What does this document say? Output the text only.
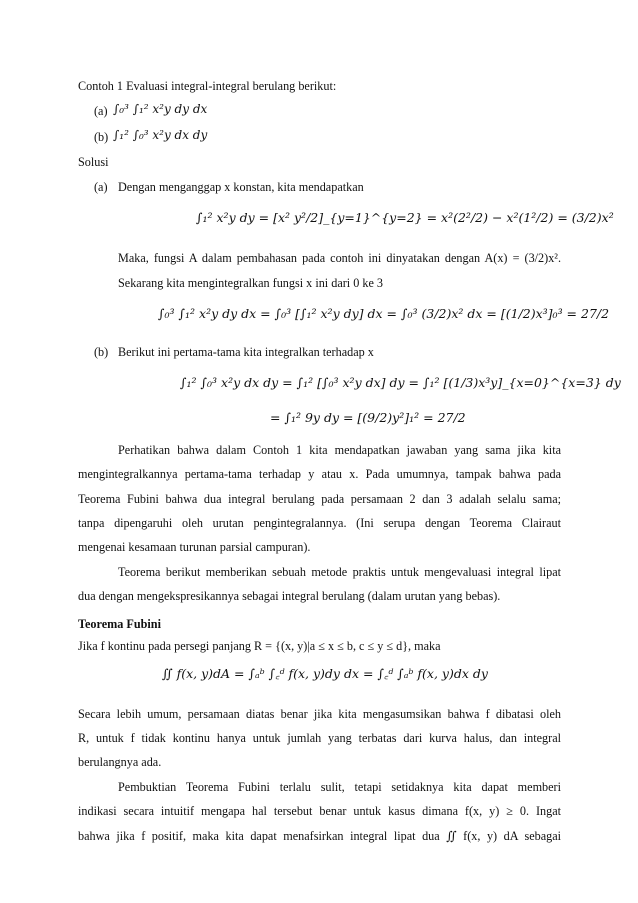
Contoh 1 Evaluasi integral-integral berulang berikut:
(a) ∫₀³ ∫₁² x²y dy dx
(b) ∫₁² ∫₀³ x²y dx dy
Solusi
(a) Dengan menganggap x konstan, kita mendapatkan
∫₁² x²y dy = [x² y²/2]_{y=1}^{y=2} = x²(2²/2) − x²(1²/2) = (3/2)x²
Maka, fungsi A dalam pembahasan pada contoh ini dinyatakan dengan A(x) = (3/2)x².
Sekarang kita mengintegralkan fungsi x ini dari 0 ke 3
∫₀³ ∫₁² x²y dy dx = ∫₀³ [∫₁² x²y dy] dx = ∫₀³ (3/2)x² dx = [(1/2)x³]₀³ = 27/2
(b) Berikut ini pertama-tama kita integralkan terhadap x
∫₁² ∫₀³ x²y dx dy = ∫₁² [∫₀³ x²y dx] dy = ∫₁² [(1/3)x³y]_{x=0}^{x=3} dy
= ∫₁² 9y dy = [(9/2)y²]₁² = 27/2
Perhatikan bahwa dalam Contoh 1 kita mendapatkan jawaban yang sama jika kita
mengintegralkannya pertama-tama terhadap y atau x. Pada umumnya, tampak bahwa pada
Teorema Fubini bahwa dua integral berulang pada persamaan 2 dan 3 adalah selalu sama;
tanpa dipengaruhi oleh urutan pengintegralannya. (Ini serupa dengan Teorema Clairaut
mengenai kesamaan turunan parsial campuran).
Teorema berikut memberikan sebuah metode praktis untuk mengevaluasi integral lipat
dua dengan mengekspresikannya sebagai integral berulang (dalam urutan yang bebas).
Teorema Fubini
Jika f kontinu pada persegi panjang R = {(x, y)|a ≤ x ≤ b, c ≤ y ≤ d}, maka
∬ f(x, y)dA = ∫ₐᵇ ∫꜀ᵈ f(x, y)dy dx = ∫꜀ᵈ ∫ₐᵇ f(x, y)dx dy
Secara lebih umum, persamaan diatas benar jika kita mengasumsikan bahwa f dibatasi oleh
R, untuk f tidak kontinu hanya untuk jumlah yang terbatas dari kurva halus, dan integral
berulangnya ada.
Pembuktian Teorema Fubini terlalu sulit, tetapi setidaknya kita dapat memberi
indikasi secara intuitif mengapa hal tersebut benar untuk kasus dimana f(x, y) ≥ 0. Ingat
bahwa jika f positif, maka kita dapat menafsirkan integral lipat dua ∬ f(x, y) dA sebagai
